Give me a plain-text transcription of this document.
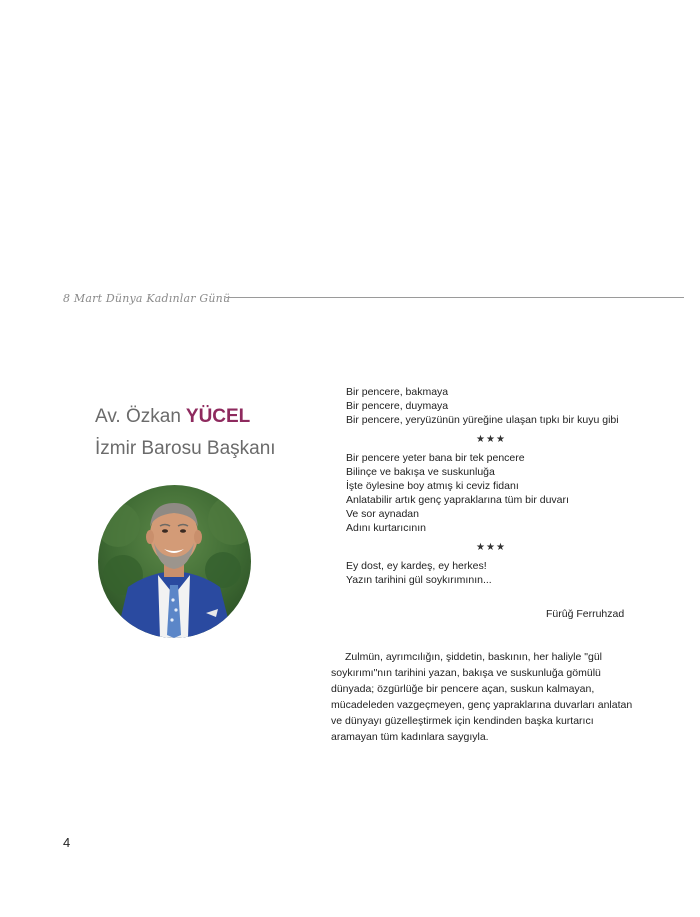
8 Mart Dünya Kadınlar Günü
Av. Özkan YÜCEL
İzmir Barosu Başkanı
Bir pencere, bakmaya
Bir pencere, duymaya
Bir pencere, yeryüzünün yüreğine ulaşan tıpkı bir kuyu gibi
★★★
Bir pencere yeter bana bir tek pencere
Bilinçe ve bakışa ve suskunluğa
İşte öylesine boy atmış ki ceviz fidanı
Anlatabilir artık genç yapraklarına tüm bir duvarı
Ve sor aynadan
Adını kurtarıcının
★★★
Ey dost, ey kardeş, ey herkes!
Yazın tarihini gül soykırımının...
Fürûğ Ferruhzad

Zulmün, ayrımcılığın, şiddetin, baskının, her haliyle "gül soykırımı"nın tarihini yazan, bakışa ve suskunluğa gömülü dünyada; özgürlüğe bir pencere açan, suskun kalmayan, mücadeleden vazgeçmeyen, genç yapraklarına duvarları anlatan ve dünyayı güzelleştirmek için kendinden başka kurtarıcı aramayan tüm kadınlara saygıyla.

4
